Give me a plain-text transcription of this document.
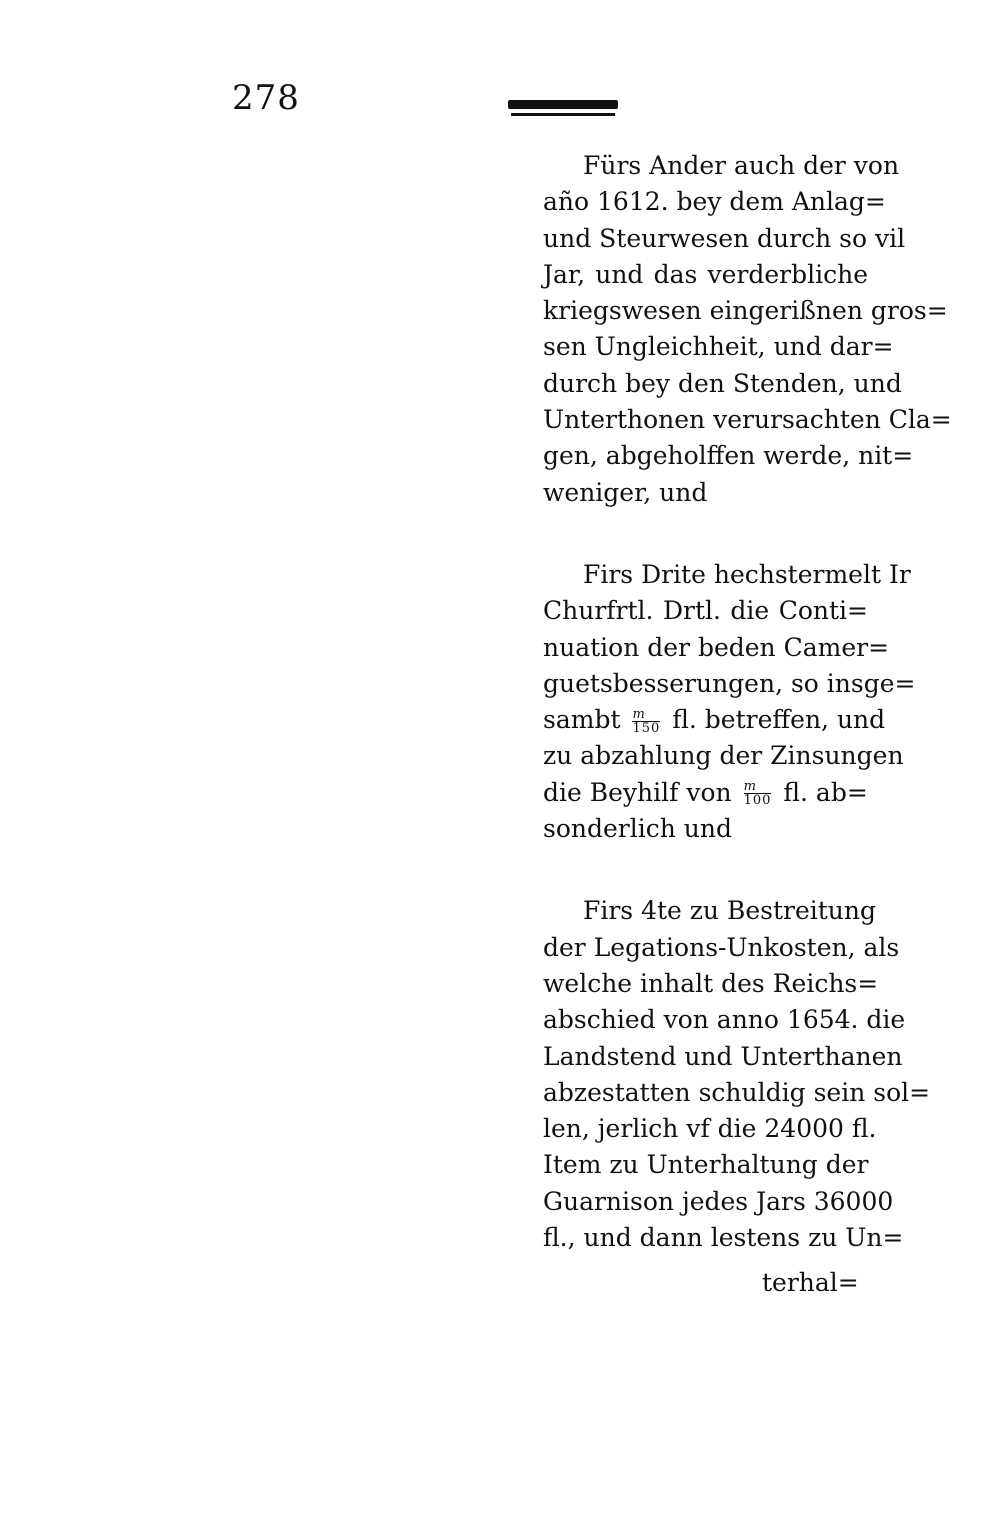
278
Fürs Ander auch der von
año 1612. bey dem Anlag=
und Steurwesen durch so vil
Jar, und das verderbliche
kriegswesen eingerißnen gros=
sen Ungleichheit, und dar=
durch bey den Stenden, und
Unterthonen verursachten Cla=
gen, abgeholffen werde, nit=
weniger, und
Firs Drite hechstermelt Ir
Churfrtl. Drtl. die Conti=
nuation der beden Camer=
guetsbesserungen, so insge=
sambt $\frac{m}{150}$ fl. betreffen, und
zu abzahlung der Zinsungen
die Beyhilf von $\frac{m}{100}$ fl. ab=
sonderlich und
Firs 4te zu Bestreitung
der Legations-Unkosten, als
welche inhalt des Reichs=
abschied von anno 1654. die
Landstend und Unterthanen
abzestatten schuldig sein sol=
len, jerlich vf die 24000 fl.
Item zu Unterhaltung der
Guarnison jedes Jars 36000
fl., und dann lestens zu Un=
terhal=
